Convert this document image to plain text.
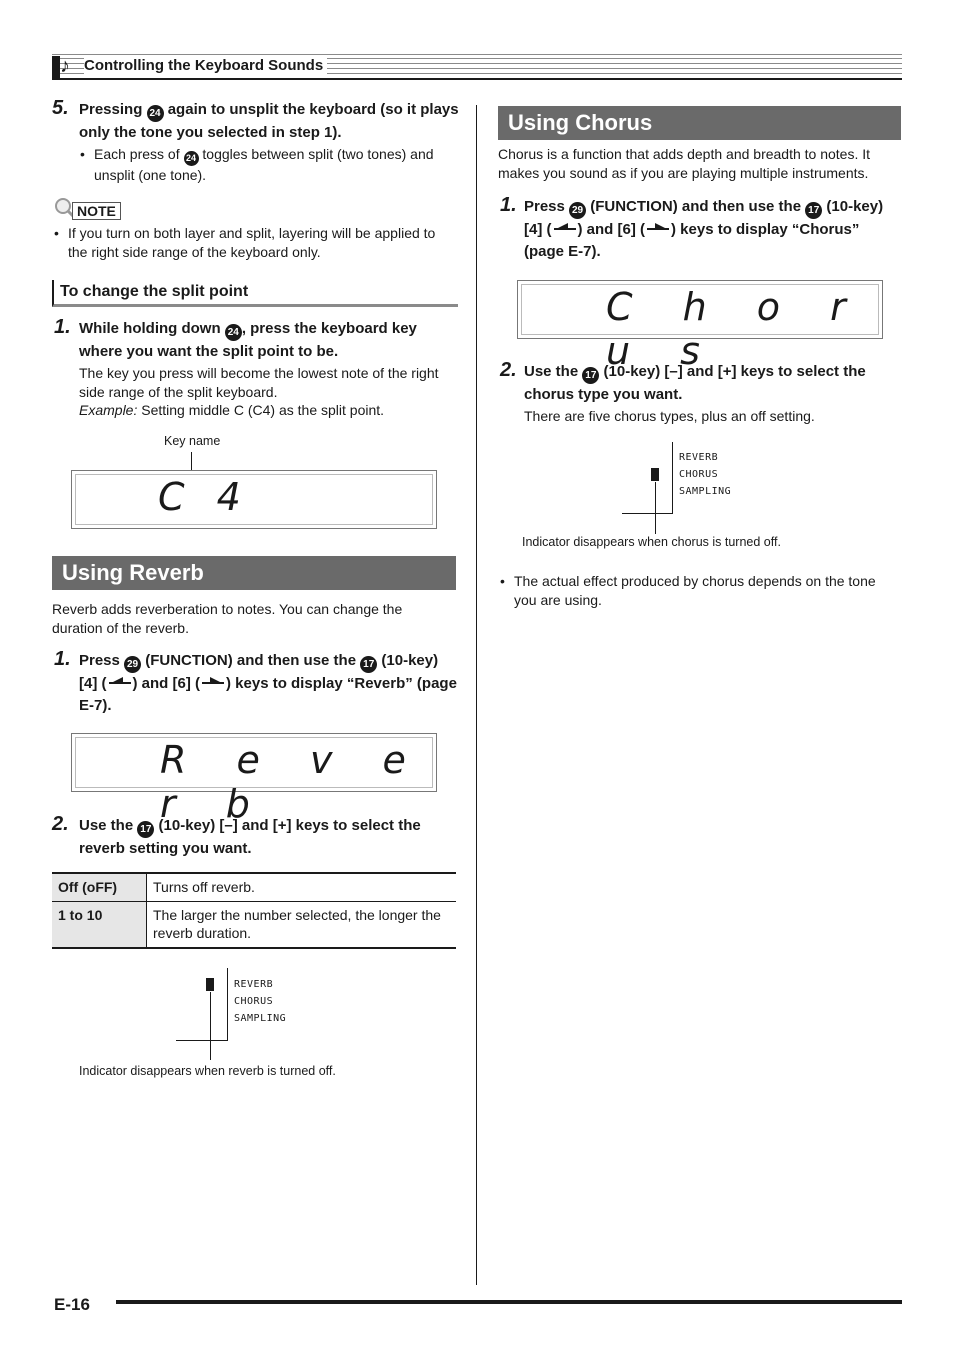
♪ Controlling the Keyboard Sounds
5. Pressing 24 again to unsplit the keyboard (so it plays only the tone you selected in step 1).
• Each press of 24 toggles between split (two tones) and unsplit (one tone).
NOTE
• If you turn on both layer and split, layering will be applied to the right side range of the keyboard only.
To change the split point
1. While holding down 24 , press the keyboard key where you want the split point to be.
The key you press will become the lowest note of the right side range of the split keyboard.
Example: Setting middle C (C4) as the split point.
Key name
C 4
Using Reverb
Reverb adds reverberation to notes. You can change the duration of the reverb.
1. Press 29 (FUNCTION) and then use the 17 (10-key) [4] ( ) and [6] ( ) keys to display “Reverb” (page E-7).
R e v e r b
2. Use the 17 (10-key) [–] and [+] keys to select the reverb setting you want.
Off (oFF)	Turns off reverb.
1 to 10	The larger the number selected, the longer the reverb duration.
REVERB
CHORUS
SAMPLING
Indicator disappears when reverb is turned off.
Using Chorus
Chorus is a function that adds depth and breadth to notes. It makes you sound as if you are playing multiple instruments.
1. Press 29 (FUNCTION) and then use the 17 (10-key) [4] ( ) and [6] ( ) keys to display “Chorus” (page E-7).
C h o r u s
2. Use the 17 (10-key) [–] and [+] keys to select the chorus type you want.
There are five chorus types, plus an off setting.
REVERB
CHORUS
SAMPLING
Indicator disappears when chorus is turned off.
• The actual effect produced by chorus depends on the tone you are using.
E-16
